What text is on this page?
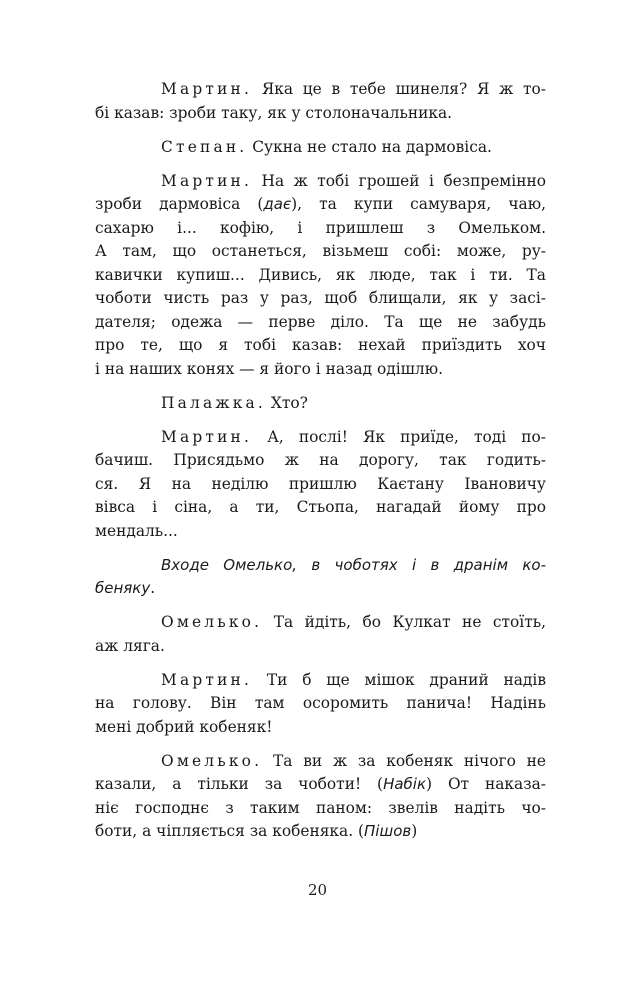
Мартин. Яка це в тебе шинеля? Я ж то-
бі казав: зроби таку, як у столоначальника.
Степан. Сукна не стало на дармовіса.
Мартин. На ж тобі грошей і безпремінно
зроби дармовіса (дає), та купи самуваря, чаю,
сахарю і... кофію, і пришлеш з Омельком.
А там, що останеться, візьмеш собі: може, ру-
кавички купиш... Дивись, як люде, так і ти. Та
чоботи чисть раз у раз, щоб блищали, як у засі-
дателя; одежа — перве діло. Та ще не забудь
про те, що я тобі казав: нехай приїздить хоч
і на наших конях — я його і назад одішлю.
Палажка. Хто?
Мартин. А, послі! Як приїде, тоді по-
бачиш. Присядьмо ж на дорогу, так годить-
ся. Я на неділю пришлю Каєтану Івановичу
вівса і сіна, а ти, Стьопа, нагадай йому про
мендаль...
Входе Омелько, в чоботях і в дранім ко-
беняку.
Омелько. Та йдіть, бо Кулкат не стоїть,
аж ляга.
Мартин. Ти б ще мішок драний надів
на голову. Він там осоромить панича! Надінь
мені добрий кобеняк!
Омелько. Та ви ж за кобеняк нічого не
казали, а тільки за чоботи! (Набік) От наказа-
ніє господнє з таким паном: звелів надіть чо-
боти, а чіпляється за кобеняка. (Пішов)
20
